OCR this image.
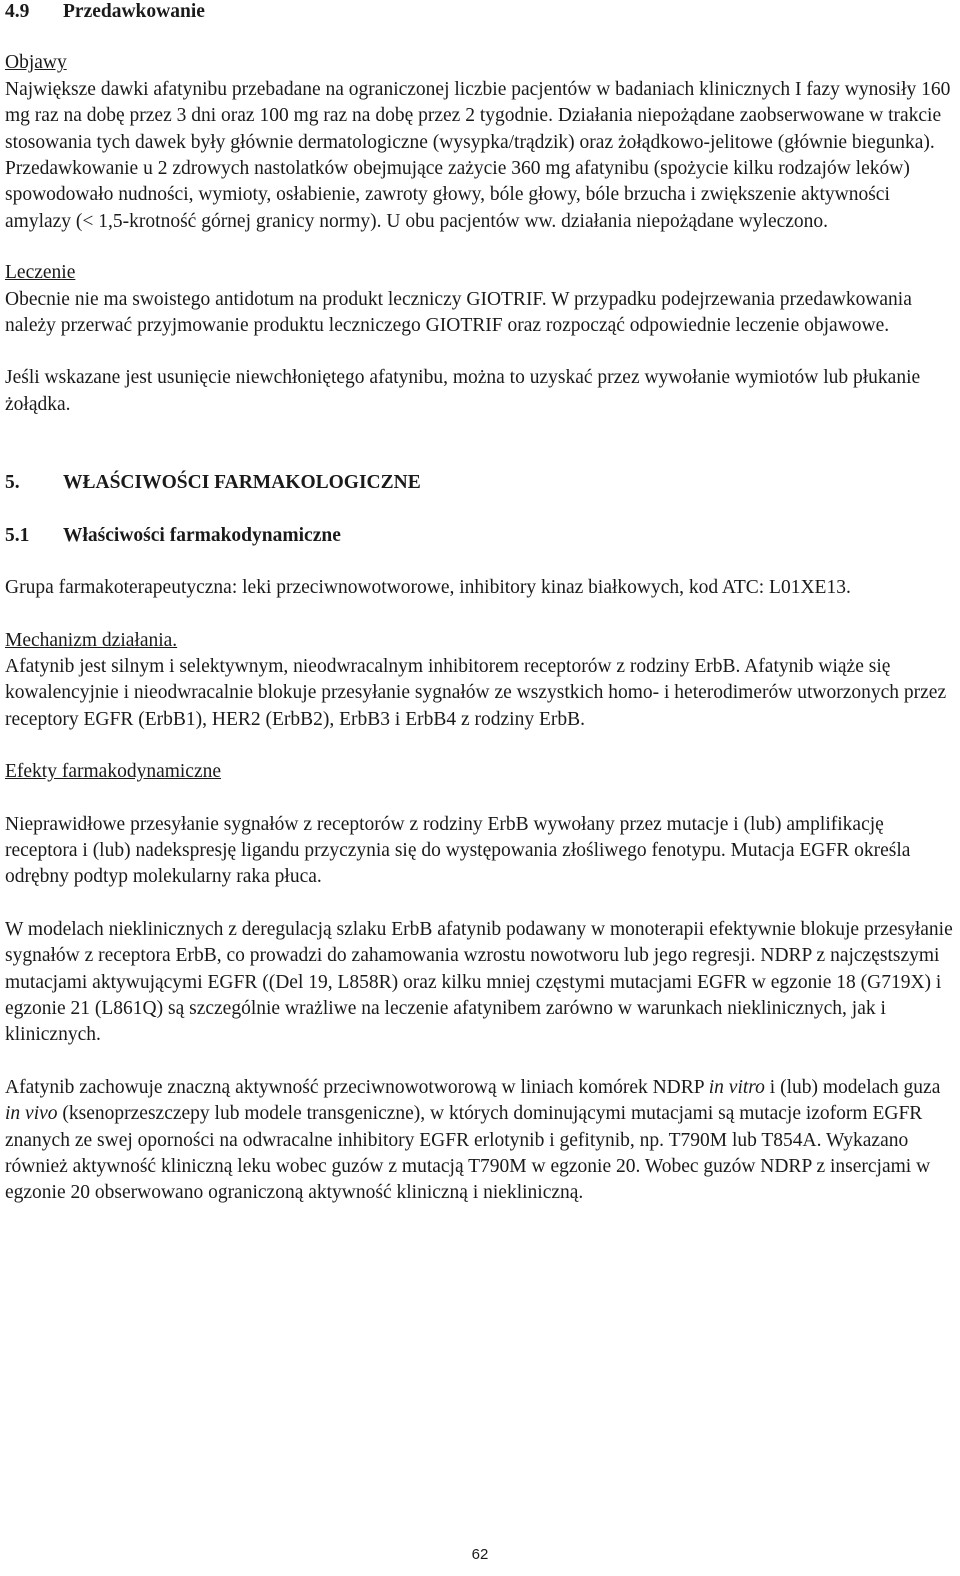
4.9	Przedawkowanie

Objawy

Największe dawki afatynibu przebadane na ograniczonej liczbie pacjentów w badaniach klinicznych I fazy wynosiły 160 mg raz na dobę przez 3 dni oraz 100 mg raz na dobę przez 2 tygodnie. Działania niepożądane zaobserwowane w trakcie stosowania tych dawek były głównie dermatologiczne (wysypka/trądzik) oraz żołądkowo-jelitowe (głównie biegunka). Przedawkowanie u 2 zdrowych nastolatków obejmujące zażycie 360 mg afatynibu (spożycie kilku rodzajów leków) spowodowało nudności, wymioty, osłabienie, zawroty głowy, bóle głowy, bóle brzucha i zwiększenie aktywności amylazy (< 1,5-krotność górnej granicy normy). U obu pacjentów ww. działania niepożądane wyleczono.

Leczenie

Obecnie nie ma swoistego antidotum na produkt leczniczy GIOTRIF. W przypadku podejrzewania przedawkowania należy przerwać przyjmowanie produktu leczniczego GIOTRIF oraz rozpocząć odpowiednie leczenie objawowe.

Jeśli wskazane jest usunięcie niewchłoniętego afatynibu, można to uzyskać przez wywołanie wymiotów lub płukanie żołądka.

5.	WŁAŚCIWOŚCI FARMAKOLOGICZNE
5.1	Właściwości farmakodynamiczne

Grupa farmakoterapeutyczna: leki przeciwnowotworowe, inhibitory kinaz białkowych, kod ATC: L01XE13.

Mechanizm działania.

Afatynib jest silnym i selektywnym, nieodwracalnym inhibitorem receptorów z rodziny ErbB. Afatynib wiąże się kowalencyjnie i nieodwracalnie blokuje przesyłanie sygnałów ze wszystkich homo- i heterodimerów utworzonych przez receptory EGFR (ErbB1), HER2 (ErbB2), ErbB3 i ErbB4 z rodziny ErbB.

Efekty farmakodynamiczne

Nieprawidłowe przesyłanie sygnałów z receptorów z rodziny ErbB wywołany przez mutacje i (lub) amplifikację receptora i (lub) nadekspresję ligandu przyczynia się do występowania złośliwego fenotypu. Mutacja EGFR określa odrębny podtyp molekularny raka płuca.

W modelach nieklinicznych z deregulacją szlaku ErbB afatynib podawany w monoterapii efektywnie blokuje przesyłanie sygnałów z receptora ErbB, co prowadzi do zahamowania wzrostu nowotworu lub jego regresji. NDRP z najczęstszymi mutacjami aktywującymi EGFR ((Del 19, L858R) oraz kilku mniej częstymi mutacjami EGFR w egzonie 18 (G719X) i egzonie 21 (L861Q) są szczególnie wrażliwe na leczenie afatynibem zarówno w warunkach nieklinicznych, jak i klinicznych.

Afatynib zachowuje znaczną aktywność przeciwnowotworową w liniach komórek NDRP in vitro i (lub) modelach guza in vivo (ksenoprzeszczepy lub modele transgeniczne), w których dominującymi mutacjami są mutacje izoform EGFR znanych ze swej oporności na odwracalne inhibitory EGFR erlotynib i gefitynib, np. T790M lub T854A. Wykazano również aktywność kliniczną leku wobec guzów z mutacją T790M w egzonie 20. Wobec guzów NDRP z insercjami w egzonie 20 obserwowano ograniczoną aktywność kliniczną i niekliniczną.

62
